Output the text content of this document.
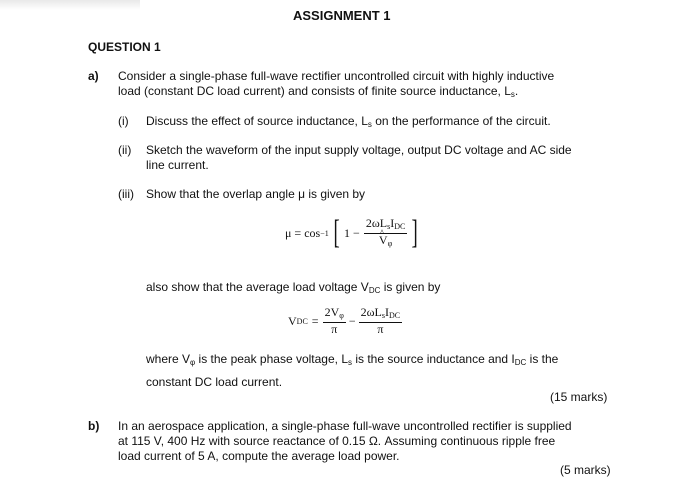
ASSIGNMENT 1
QUESTION 1
a) Consider a single-phase full-wave rectifier uncontrolled circuit with highly inductive
load (constant DC load current) and consists of finite source inductance, $L_s$.
(i) Discuss the effect of source inductance, $L_s$ on the performance of the circuit.
(ii) Sketch the waveform of the input supply voltage, output DC voltage and AC side
line current.
(iii) Show that the overlap angle μ is given by
μ = cos −1 [ $1 - 2\omega L_sI_{DC}$
^ $V_\varphi$ ]
also show that the average load voltage $V_{DC}$ is given by
V DC = $\frac{2V_\varphi}{\pi} - \frac{2\omega L_sI_{DC}}{\pi}$
where $V_\varphi$ is the peak phase voltage, $L_s$ is the source inductance and $I_{DC}$ is the
constant DC load current.
(15 marks)
b) In an aerospace application, a single-phase full-wave uncontrolled rectifier is supplied
at 115 V, 400 Hz with source reactance of 0.15 Ω. Assuming continuous ripple free
load current of 5 A, compute the average load power.
(5 marks)
